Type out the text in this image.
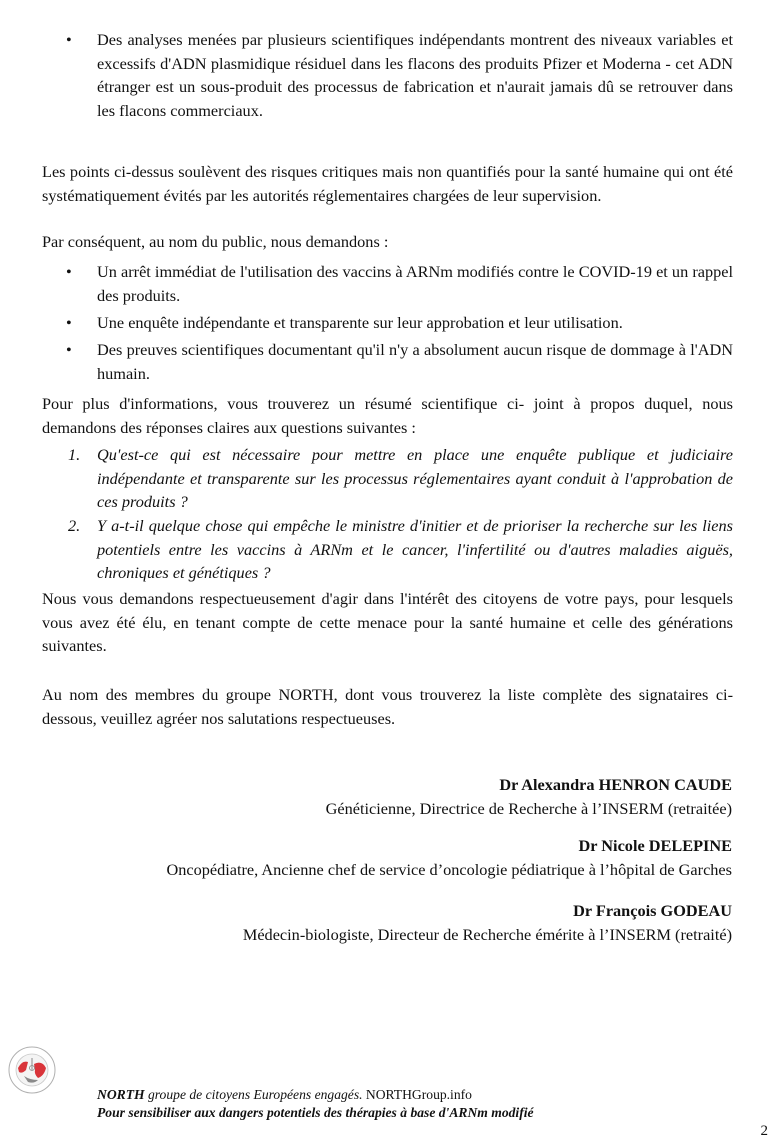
•	Des analyses menées par plusieurs scientifiques indépendants montrent des niveaux variables et excessifs d'ADN plasmidique résiduel dans les flacons des produits Pfizer et Moderna - cet ADN étranger est un sous-produit des processus de fabrication et n'aurait jamais dû se retrouver dans les flacons commerciaux.
Les points ci-dessus soulèvent des risques critiques mais non quantifiés pour la santé humaine qui ont été systématiquement évités par les autorités réglementaires chargées de leur supervision.
Par conséquent, au nom du public, nous demandons :
•	Un arrêt immédiat de l'utilisation des vaccins à ARNm modifiés contre le COVID-19 et un rappel des produits.
•	Une enquête indépendante et transparente sur leur approbation et leur utilisation.
•	Des preuves scientifiques documentant qu'il n'y a absolument aucun risque de dommage à l'ADN humain.
Pour plus d'informations, vous trouverez un résumé scientifique ci- joint à propos duquel, nous demandons des réponses claires aux questions suivantes :
1. Qu'est-ce qui est nécessaire pour mettre en place une enquête publique et judiciaire indépendante et transparente sur les processus réglementaires ayant conduit à l'approbation de ces produits ?
2. Y a-t-il quelque chose qui empêche le ministre d'initier et de prioriser la recherche sur les liens potentiels entre les vaccins à ARNm et le cancer, l'infertilité ou d'autres maladies aiguës, chroniques et génétiques ?
Nous vous demandons respectueusement d'agir dans l'intérêt des citoyens de votre pays, pour lesquels vous avez été élu, en tenant compte de cette menace pour la santé humaine et celle des générations suivantes.
Au nom des membres du groupe NORTH, dont vous trouverez la liste complète des signataires ci-dessous, veuillez agréer nos salutations respectueuses.
Dr Alexandra HENRON CAUDE
Généticienne, Directrice de Recherche à l’INSERM (retraitée)
Dr Nicole DELEPINE
Oncopédiatre, Ancienne chef de service d’oncologie pédiatrique à l’hôpital de Garches
Dr François GODEAU
Médecin-biologiste, Directeur de Recherche émérite à l’INSERM (retraité)
NORTH groupe de citoyens Européens engagés. NORTHGroup.info
Pour sensibiliser aux dangers potentiels des thérapies à base d'ARNm modifié
2
